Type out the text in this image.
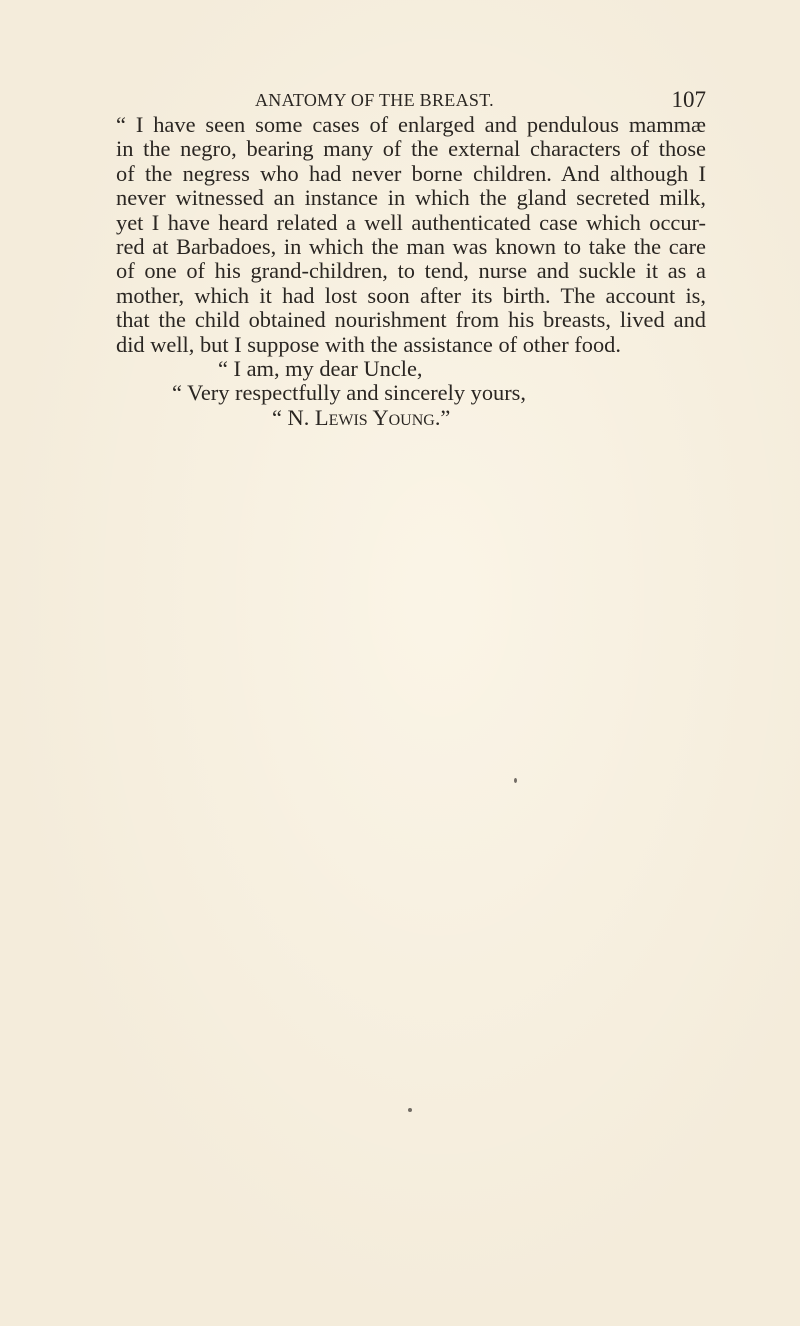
ANATOMY OF THE BREAST.	107

“ I have seen some cases of enlarged and pendulous mammæ
in the negro, bearing many of the external characters of those
of the negress who had never borne children. And although I
never witnessed an instance in which the gland secreted milk,
yet I have heard related a well authenticated case which occur-
red at Barbadoes, in which the man was known to take the care
of one of his grand-children, to tend, nurse and suckle it as a
mother, which it had lost soon after its birth. The account is,
that the child obtained nourishment from his breasts, lived and
did well, but I suppose with the assistance of other food.

“ I am, my dear Uncle,
“ Very respectfully and sincerely yours,
“ N. Lewis Young.”
